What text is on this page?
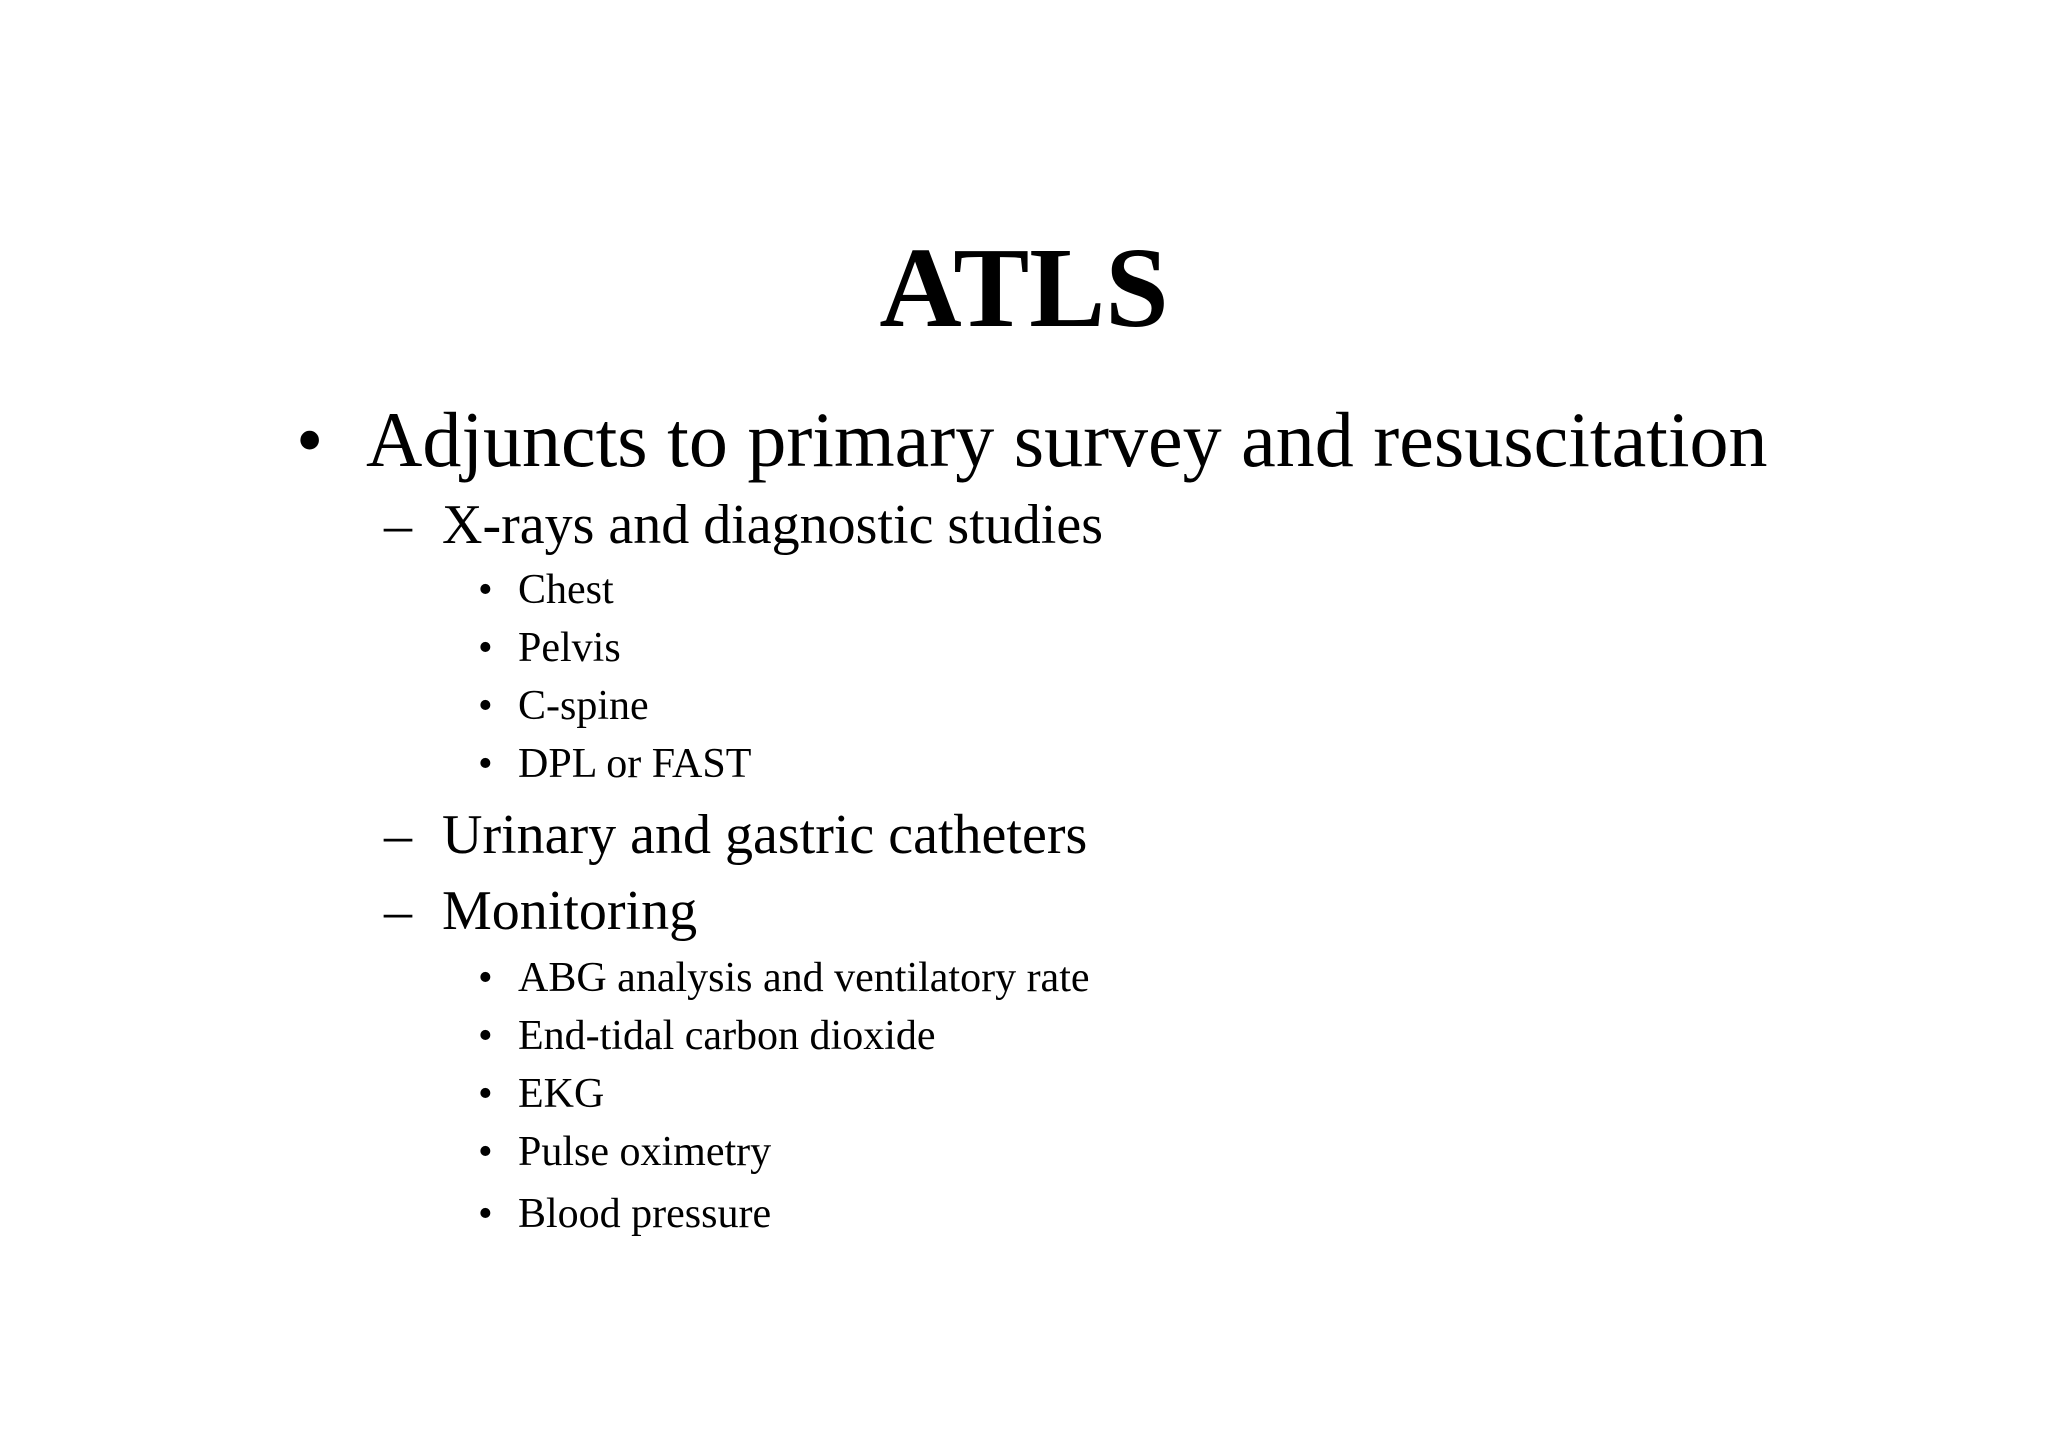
ATLS
• Adjuncts to primary survey and resuscitation
– X-rays and diagnostic studies
• Chest
• Pelvis
• C-spine
• DPL or FAST
– Urinary and gastric catheters
– Monitoring
• ABG analysis and ventilatory rate
• End-tidal carbon dioxide
• EKG
• Pulse oximetry
• Blood pressure
